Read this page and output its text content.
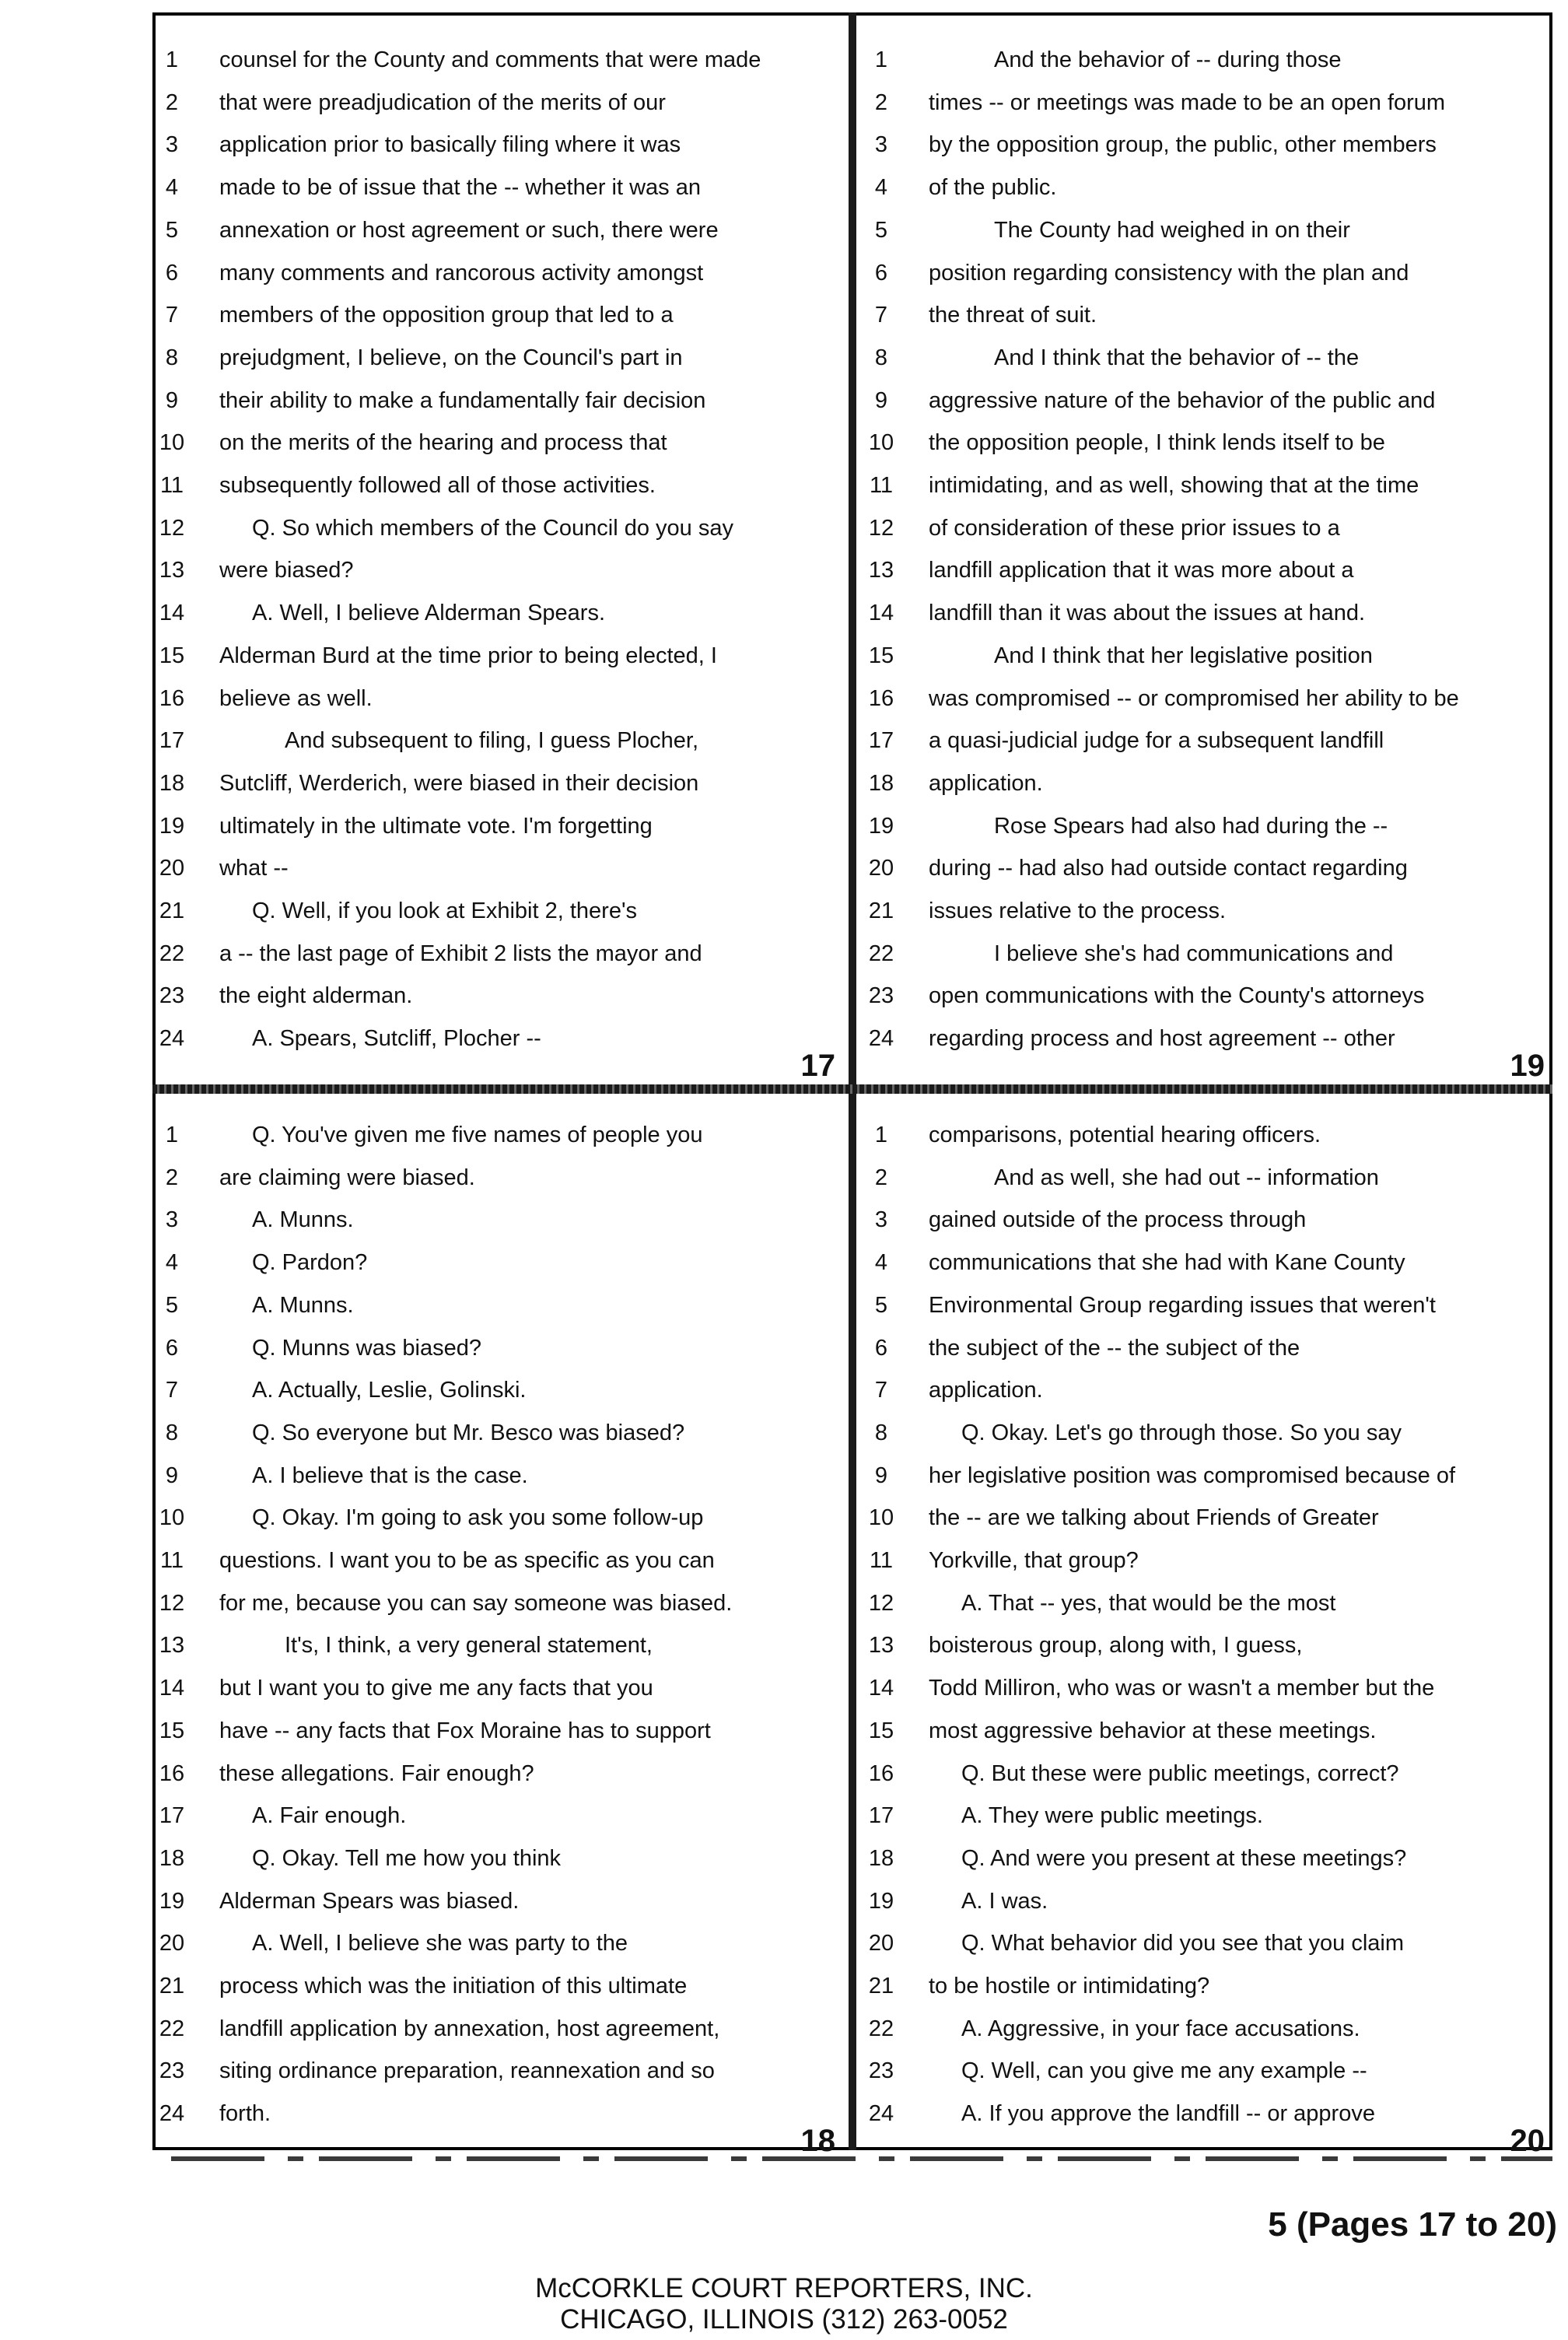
1	counsel for the County and comments that were made
2	that were preadjudication of the merits of our
3	application prior to basically filing where it was
4	made to be of issue that the -- whether it was an
5	annexation or host agreement or such, there were
6	many comments and rancorous activity amongst
7	members of the opposition group that led to a
8	prejudgment, I believe, on the Council's part in
9	their ability to make a fundamentally fair decision
10	on the merits of the hearing and process that
11	subsequently followed all of those activities.
12	Q. So which members of the Council do you say
13	were biased?
14	A. Well, I believe Alderman Spears.
15	Alderman Burd at the time prior to being elected, I
16	believe as well.
17	And subsequent to filing, I guess Plocher,
18	Sutcliff, Werderich, were biased in their decision
19	ultimately in the ultimate vote. I'm forgetting
20	what --
21	Q. Well, if you look at Exhibit 2, there's
22	a -- the last page of Exhibit 2 lists the mayor and
23	the eight alderman.
24	A. Spears, Sutcliff, Plocher --
17
1	And the behavior of -- during those
2	times -- or meetings was made to be an open forum
3	by the opposition group, the public, other members
4	of the public.
5	The County had weighed in on their
6	position regarding consistency with the plan and
7	the threat of suit.
8	And I think that the behavior of -- the
9	aggressive nature of the behavior of the public and
10	the opposition people, I think lends itself to be
11	intimidating, and as well, showing that at the time
12	of consideration of these prior issues to a
13	landfill application that it was more about a
14	landfill than it was about the issues at hand.
15	And I think that her legislative position
16	was compromised -- or compromised her ability to be
17	a quasi-judicial judge for a subsequent landfill
18	application.
19	Rose Spears had also had during the --
20	during -- had also had outside contact regarding
21	issues relative to the process.
22	I believe she's had communications and
23	open communications with the County's attorneys
24	regarding process and host agreement -- other
19
1	Q. You've given me five names of people you
2	are claiming were biased.
3	A. Munns.
4	Q. Pardon?
5	A. Munns.
6	Q. Munns was biased?
7	A. Actually, Leslie, Golinski.
8	Q. So everyone but Mr. Besco was biased?
9	A. I believe that is the case.
10	Q. Okay. I'm going to ask you some follow-up
11	questions. I want you to be as specific as you can
12	for me, because you can say someone was biased.
13	It's, I think, a very general statement,
14	but I want you to give me any facts that you
15	have -- any facts that Fox Moraine has to support
16	these allegations. Fair enough?
17	A. Fair enough.
18	Q. Okay. Tell me how you think
19	Alderman Spears was biased.
20	A. Well, I believe she was party to the
21	process which was the initiation of this ultimate
22	landfill application by annexation, host agreement,
23	siting ordinance preparation, reannexation and so
24	forth.
18
1	comparisons, potential hearing officers.
2	And as well, she had out -- information
3	gained outside of the process through
4	communications that she had with Kane County
5	Environmental Group regarding issues that weren't
6	the subject of the -- the subject of the
7	application.
8	Q. Okay. Let's go through those. So you say
9	her legislative position was compromised because of
10	the -- are we talking about Friends of Greater
11	Yorkville, that group?
12	A. That -- yes, that would be the most
13	boisterous group, along with, I guess,
14	Todd Milliron, who was or wasn't a member but the
15	most aggressive behavior at these meetings.
16	Q. But these were public meetings, correct?
17	A. They were public meetings.
18	Q. And were you present at these meetings?
19	A. I was.
20	Q. What behavior did you see that you claim
21	to be hostile or intimidating?
22	A. Aggressive, in your face accusations.
23	Q. Well, can you give me any example --
24	A. If you approve the landfill -- or approve
20
5 (Pages 17 to 20)
McCORKLE COURT REPORTERS, INC.
CHICAGO, ILLINOIS (312) 263-0052
